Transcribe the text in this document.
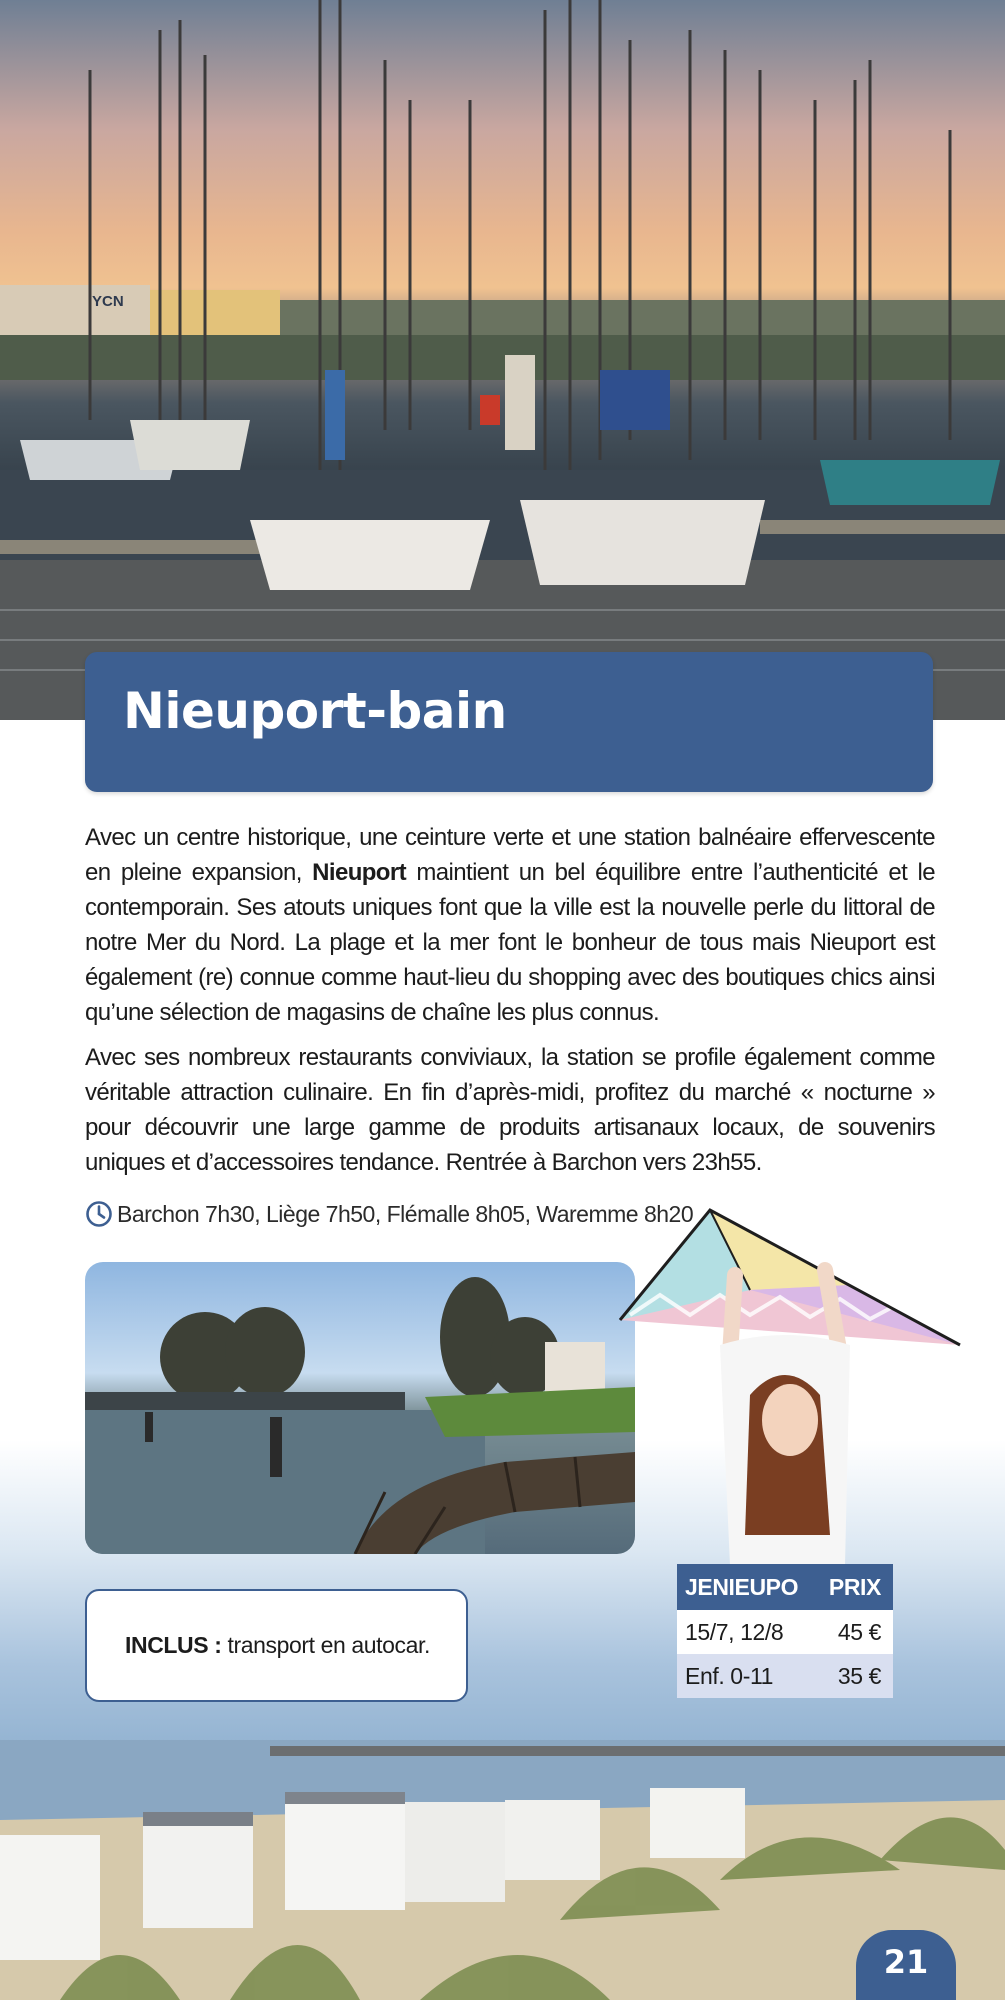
YCN
Nieuport-bain

Avec un centre historique, une ceinture verte et une station balnéaire effervescente en pleine expansion, Nieuport maintient un bel équilibre entre l’authenticité et le contemporain. Ses atouts uniques font que la ville est la nouvelle perle du littoral de notre Mer du Nord. La plage et la mer font le bonheur de tous mais Nieuport est également (re) connue comme haut-lieu du shopping avec des boutiques chics ainsi qu’une sélection de magasins de chaîne les plus connus.

Avec ses nombreux restaurants conviviaux, la station se profile également comme véritable attraction culinaire. En fin d’après-midi, profitez du marché « nocturne » pour découvrir une large gamme de produits artisanaux locaux, de souvenirs uniques et d’accessoires tendance. Rentrée à Barchon vers 23h55.

Barchon 7h30, Liège 7h50, Flémalle 8h05, Waremme 8h20
INCLUS : transport en autocar.
JENIEUPO PRIX
15/7, 12/8 45 €
Enf. 0-11	35 €
21
